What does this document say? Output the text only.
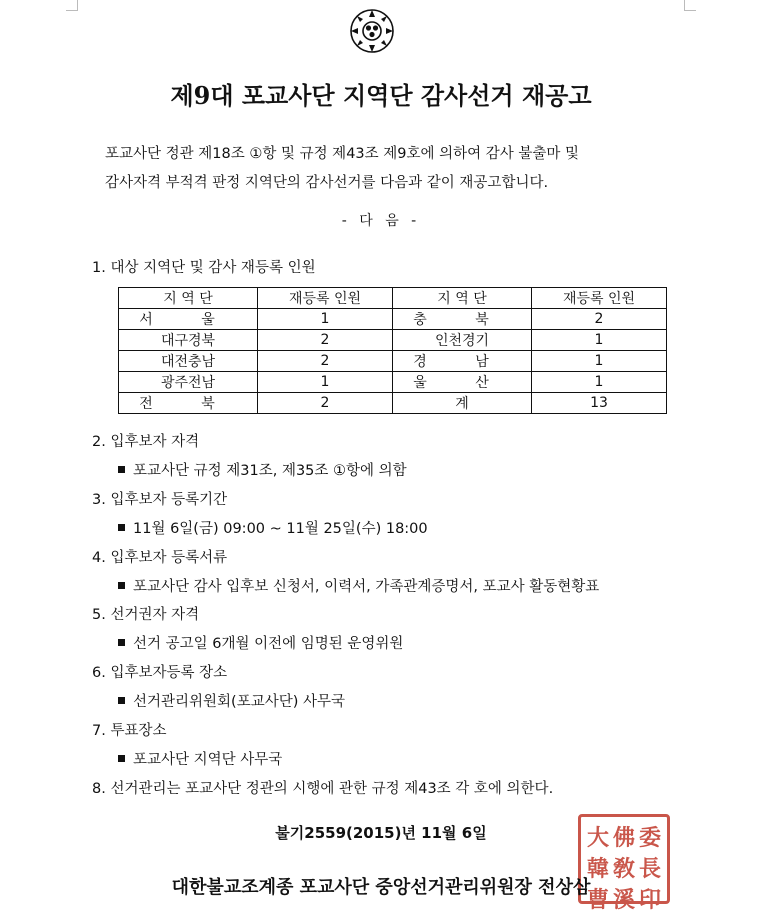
제9대 포교사단 지역단 감사선거 재공고
포교사단 정관 제18조 ①항 및 규정 제43조 제9호에 의하여 감사 불출마 및
감사자격 부적격 판정 지역단의 감사선거를 다음과 같이 재공고합니다.
- 다 음 -
1. 대상 지역단 및 감사 재등록 인원
지 역 단	재등록 인원	지 역 단	재등록 인원
서 울	1	충 북	2
대구경북	2	인천경기	1
대전충남	2	경 남	1
광주전남	1	울 산	1
전 북	2	계	13
2. 입후보자 자격
포교사단 규정 제31조, 제35조 ①항에 의함
3. 입후보자 등록기간
11월 6일(금) 09:00 ~ 11월 25일(수) 18:00
4. 입후보자 등록서류
포교사단 감사 입후보 신청서, 이력서, 가족관계증명서, 포교사 활동현황표
5. 선거권자 자격
선거 공고일 6개월 이전에 임명된 운영위원
6. 입후보자등록 장소
선거관리위원회(포교사단) 사무국
7. 투표장소
포교사단 지역단 사무국
8. 선거관리는 포교사단 정관의 시행에 관한 규정 제43조 각 호에 의한다.
불기2559(2015)년 11월 6일	大 佛 委
韓 敎 長
曹 溪 印
대한불교조계종 포교사단 중앙선거관리위원장 전상삼
